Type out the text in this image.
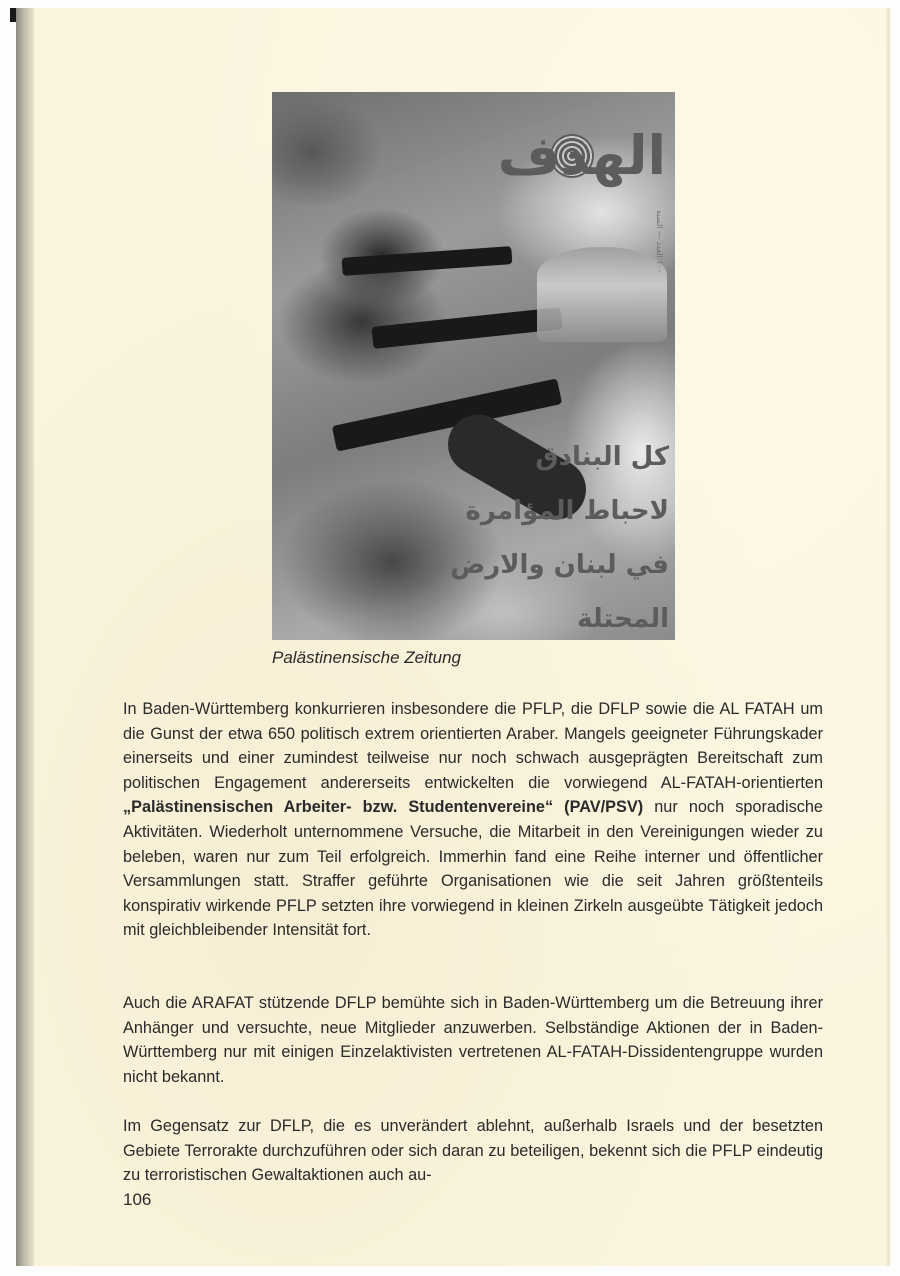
الهدف
١٠٠ العدد — السنة
كل البنادق
لاحباط المؤامرة
في لبنان والارض المحتلة
Palästinensische Zeitung

In Baden-Württemberg konkurrieren insbesondere die PFLP, die DFLP sowie die AL FATAH um die Gunst der etwa 650 politisch extrem orientierten Araber. Mangels geeigneter Führungskader einerseits und einer zumindest teilweise nur noch schwach ausgeprägten Bereitschaft zum politischen Engagement andererseits entwickelten die vorwiegend AL-FATAH-orientierten „Palästinensischen Arbeiter- bzw. Studentenvereine“ (PAV/PSV) nur noch sporadische Aktivitäten. Wiederholt unternommene Versuche, die Mitarbeit in den Vereinigungen wieder zu beleben, waren nur zum Teil erfolgreich. Immerhin fand eine Reihe interner und öffentlicher Versammlungen statt. Straffer geführte Organisationen wie die seit Jahren größtenteils konspirativ wirkende PFLP setzten ihre vorwiegend in kleinen Zirkeln ausgeübte Tätigkeit jedoch mit gleichbleibender Intensität fort.

Auch die ARAFAT stützende DFLP bemühte sich in Baden-Württemberg um die Betreuung ihrer Anhänger und versuchte, neue Mitglieder anzuwerben. Selbständige Aktionen der in Baden-Württemberg nur mit einigen Einzelaktivisten vertretenen AL-FATAH-Dissidentengruppe wurden nicht bekannt.

Im Gegensatz zur DFLP, die es unverändert ablehnt, außerhalb Israels und der besetzten Gebiete Terrorakte durchzuführen oder sich daran zu beteiligen, bekennt sich die PFLP eindeutig zu terroristischen Gewaltaktionen auch au-

106
